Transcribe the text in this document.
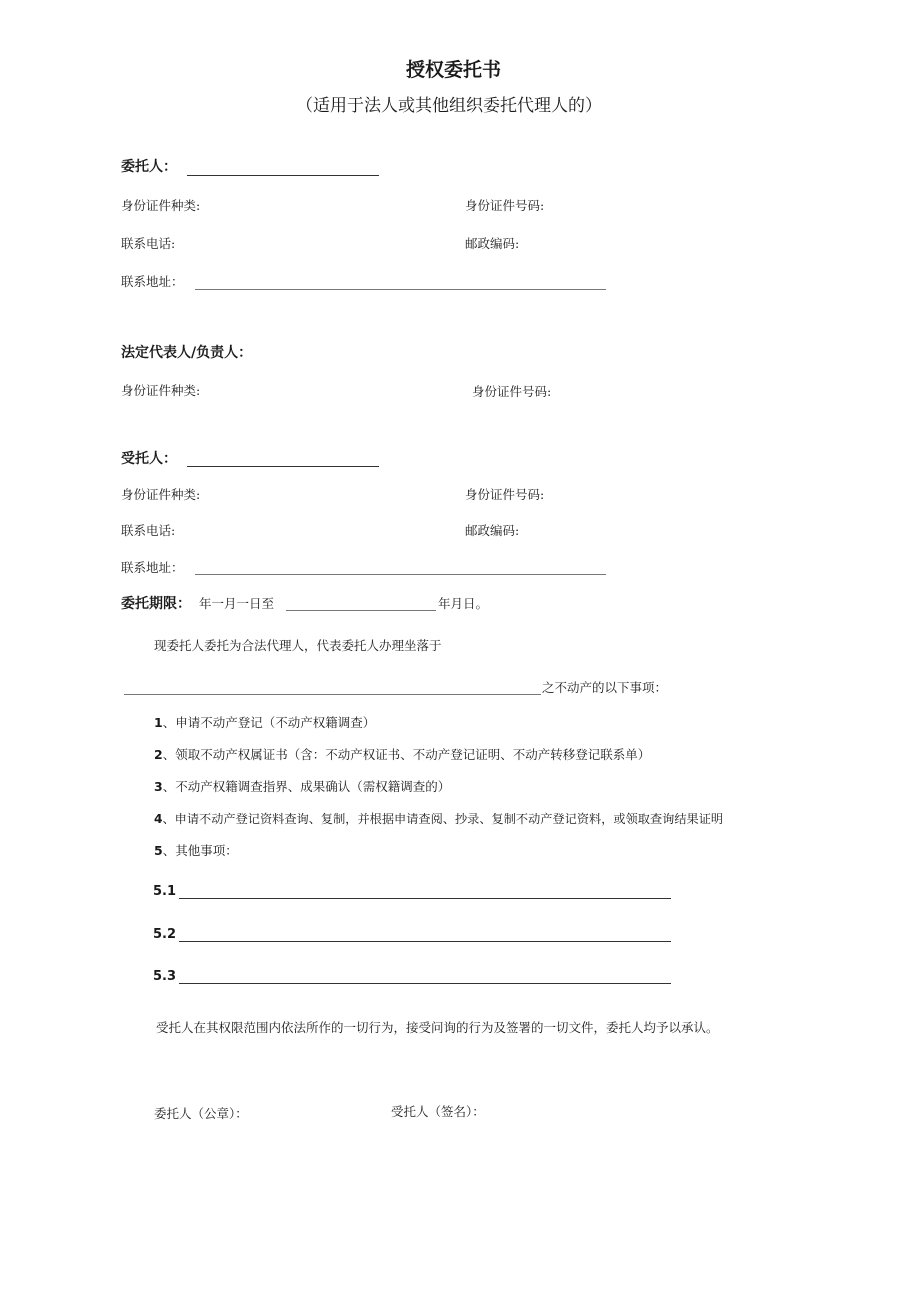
授权委托书
（适用于法人或其他组织委托代理人的）
委托人：
身份证件种类:	身份证件号码:
联系电话:	邮政编码:
联系地址：
法定代表人/负责人：
身份证件种类:	身份证件号码:
受托人：
身份证件种类:	身份证件号码:
联系电话:	邮政编码:
联系地址：
委托期限： 年一月一日至	年月日。
现委托人委托为合法代理人，代表委托人办理坐落于
之不动产的以下事项：
1、申请不动产登记（不动产权籍调查）
2、领取不动产权属证书（含：不动产权证书、不动产登记证明、不动产转移登记联系单）
3、不动产权籍调查指界、成果确认（需权籍调查的）
4、申请不动产登记资料查询、复制，并根据申请查阅、抄录、复制不动产登记资料，或领取查询结果证明
5、其他事项：
5.1
5.2
5.3
受托人在其权限范围内依法所作的一切行为，接受问询的行为及签署的一切文件，委托人均予以承认。
委托人（公章）：	受托人（签名）：
